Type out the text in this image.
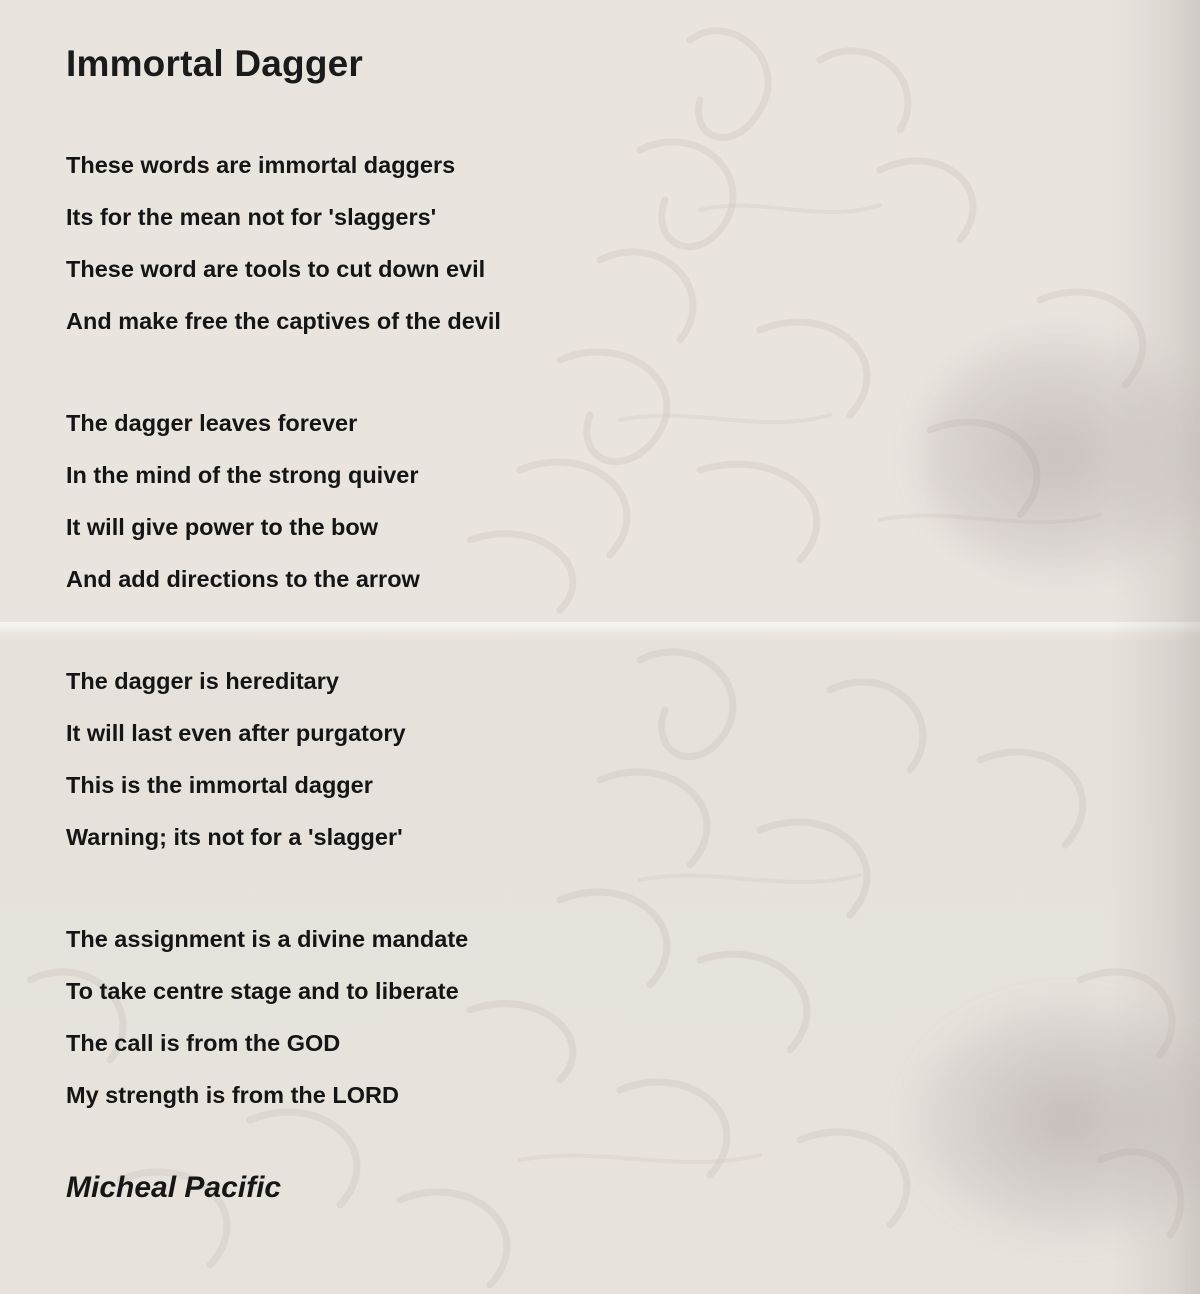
Immortal Dagger
These words are immortal daggers
Its for the mean not for 'slaggers'
These word are tools to cut down evil
And make free the captives of the devil
The dagger leaves forever
In the mind of the strong quiver
It will give power to the bow
And add directions to the arrow
The dagger is hereditary
It will last even after purgatory
This is the immortal dagger
Warning; its not for a 'slagger'
The assignment is a divine mandate
To take centre stage and to liberate
The call is from the GOD
My strength is from the LORD
Micheal Pacific
